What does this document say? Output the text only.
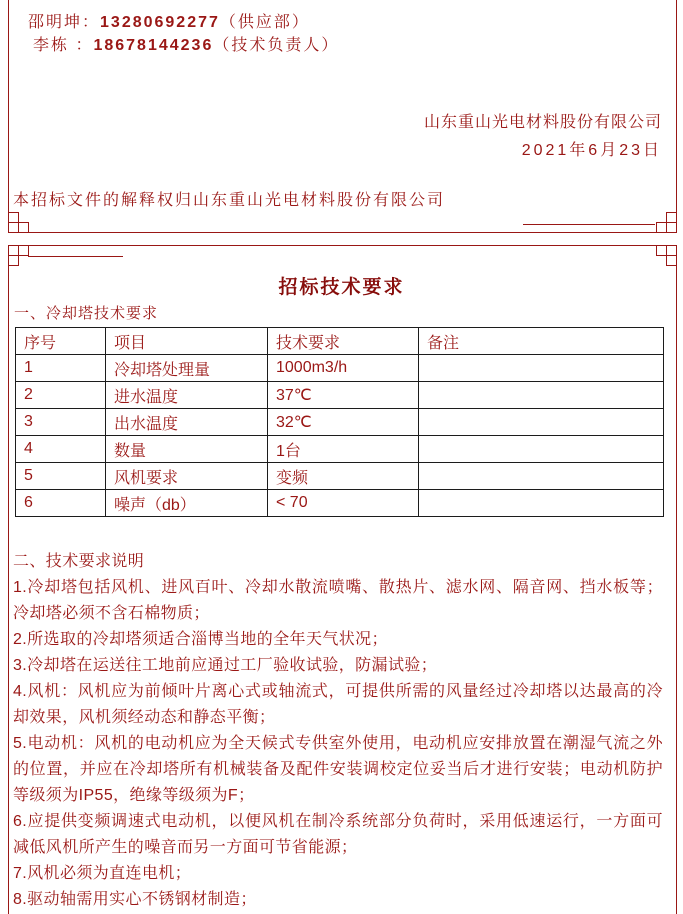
邵明坤：13280692277（供应部）
李栋 ：18678144236（技术负责人）
山东重山光电材料股份有限公司
2021年6月23日
本招标文件的解释权归山东重山光电材料股份有限公司
招标技术要求
一、冷却塔技术要求
序号	项目	技术要求	备注
1	冷却塔处理量	1000m3/h	
2	进水温度	37℃	
3	出水温度	32℃	
4	数量	1台	
5	风机要求	变频	
6	噪声（db）	< 70	

二、技术要求说明

1.冷却塔包括风机、进风百叶、冷却水散流喷嘴、散热片、滤水网、隔音网、挡水板等；冷却塔必须不含石棉物质；

2.所选取的冷却塔须适合淄博当地的全年天气状况；

3.冷却塔在运送往工地前应通过工厂验收试验，防漏试验；

4.风机：风机应为前倾叶片离心式或轴流式，可提供所需的风量经过冷却塔以达最高的冷却效果，风机须经动态和静态平衡；

5.电动机：风机的电动机应为全天候式专供室外使用，电动机应安排放置在潮湿气流之外的位置，并应在冷却塔所有机械装备及配件安装调校定位妥当后才进行安装；电动机防护等级须为IP55，绝缘等级须为F；

6.应提供变频调速式电动机，以便风机在制冷系统部分负荷时，采用低速运行，一方面可减低风机所产生的噪音而另一方面可节省能源；

7.风机必须为直连电机；

8.驱动轴需用实心不锈钢材制造；
